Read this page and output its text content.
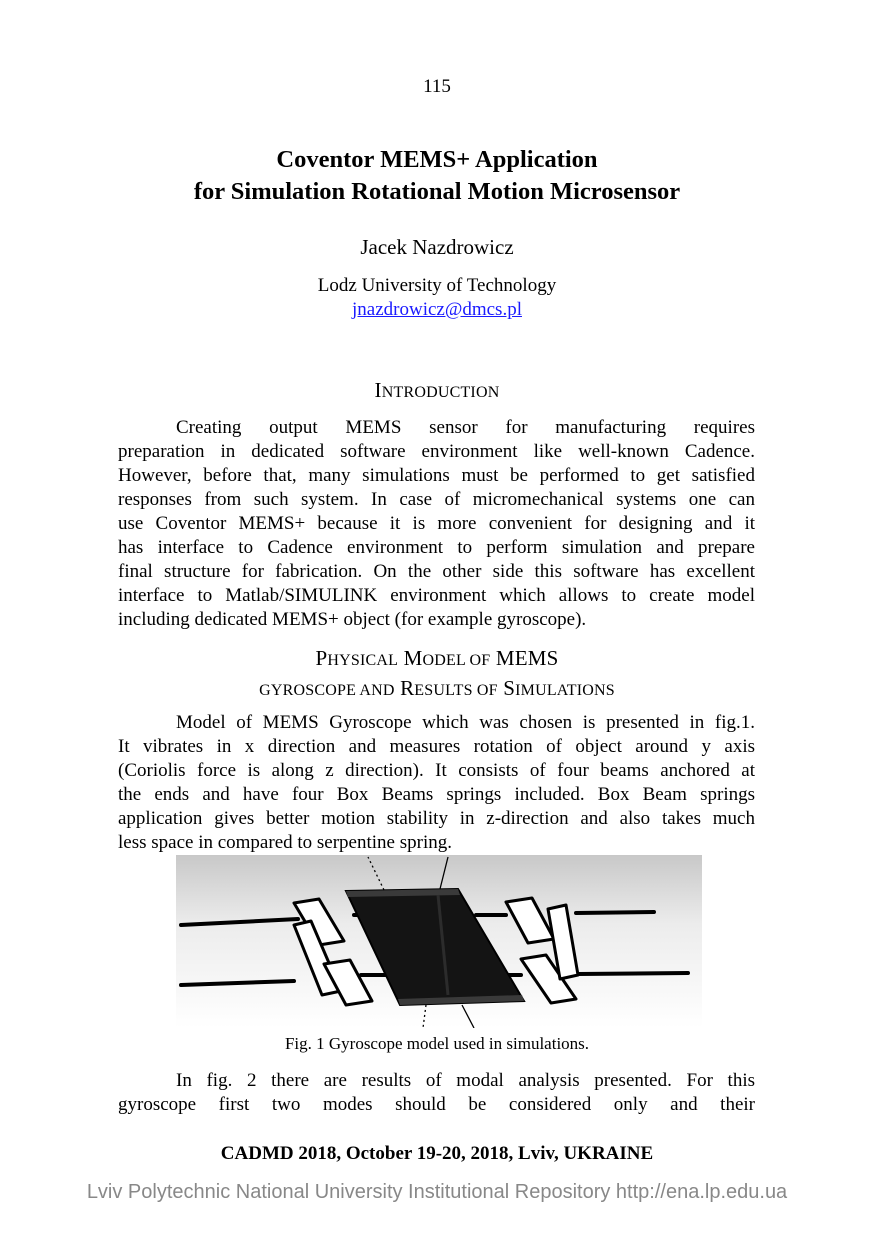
115
Coventor MEMS+ Application
for Simulation Rotational Motion Microsensor
Jacek Nazdrowicz
Lodz University of Technology
jnazdrowicz@dmcs.pl
INTRODUCTION
Creating output MEMS sensor for manufacturing requires
preparation in dedicated software environment like well-known Cadence.
However, before that, many simulations must be performed to get satisfied
responses from such system. In case of micromechanical systems one can
use Coventor MEMS+ because it is more convenient for designing and it
has interface to Cadence environment to perform simulation and prepare
final structure for fabrication. On the other side this software has excellent
interface to Matlab/SIMULINK environment which allows to create model
including dedicated MEMS+ object (for example gyroscope).
PHYSICAL MODEL OF MEMS
GYROSCOPE AND RESULTS OF SIMULATIONS
Model of MEMS Gyroscope which was chosen is presented in fig.1.
It vibrates in x direction and measures rotation of object around y axis
(Coriolis force is along z direction). It consists of four beams anchored at
the ends and have four Box Beams springs included. Box Beam springs
application gives better motion stability in z-direction and also takes much
less space in compared to serpentine spring.
Fig. 1 Gyroscope model used in simulations.
In fig. 2 there are results of modal analysis presented. For this
gyroscope first two modes should be considered only and their
CADMD 2018, October 19-20, 2018, Lviv, UKRAINE
Lviv Polytechnic National University Institutional Repository http://ena.lp.edu.ua
